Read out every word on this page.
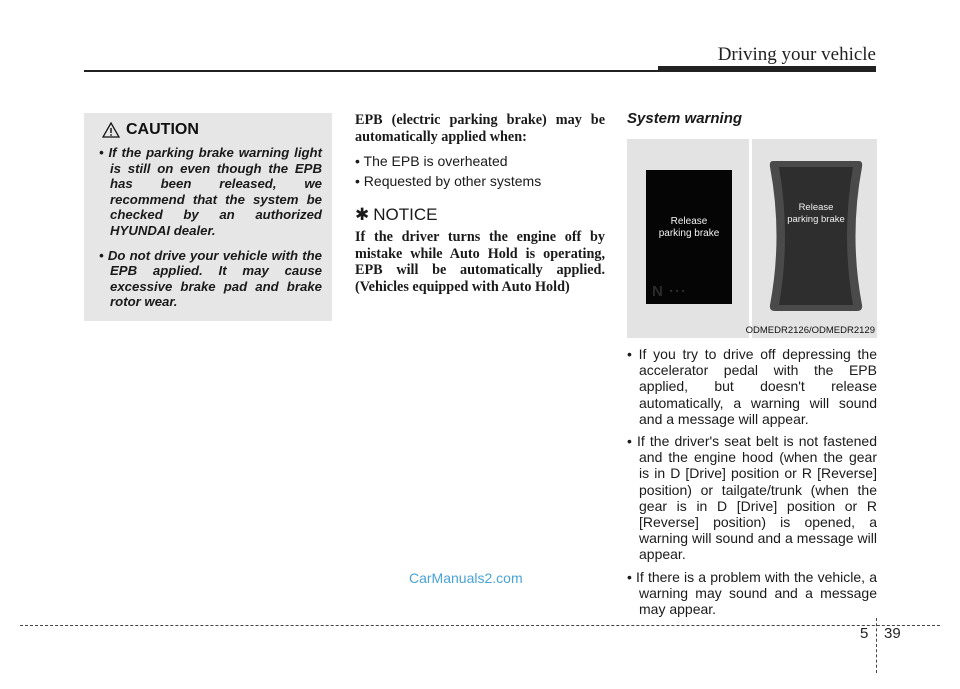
Driving your vehicle
CAUTION
• If the parking brake warning light is still on even though the EPB has been released, we recommend that the system be checked by an authorized HYUNDAI dealer.
• Do not drive your vehicle with the EPB applied. It may cause excessive brake pad and brake rotor wear.
EPB (electric parking brake) may be automatically applied when:
• The EPB is overheated
• Requested by other systems
✱ NOTICE
If the driver turns the engine off by mistake while Auto Hold is operating, EPB will be automatically applied. (Vehicles equipped with Auto Hold)
System warning
Release
parking brake
N ···
Release
parking brake
ODMEDR2126/ODMEDR2129
• If you try to drive off depressing the accelerator pedal with the EPB applied, but doesn't release automatically, a warning will sound and a message will appear.
• If the driver's seat belt is not fastened and the engine hood (when the gear is in D [Drive] position or R [Reverse] position) or tailgate/trunk (when the gear is in D [Drive] position or R [Reverse] position) is opened, a warning will sound and a message will appear.
• If there is a problem with the vehicle, a warning may sound and a message may appear.
CarManuals2.com
5 39
